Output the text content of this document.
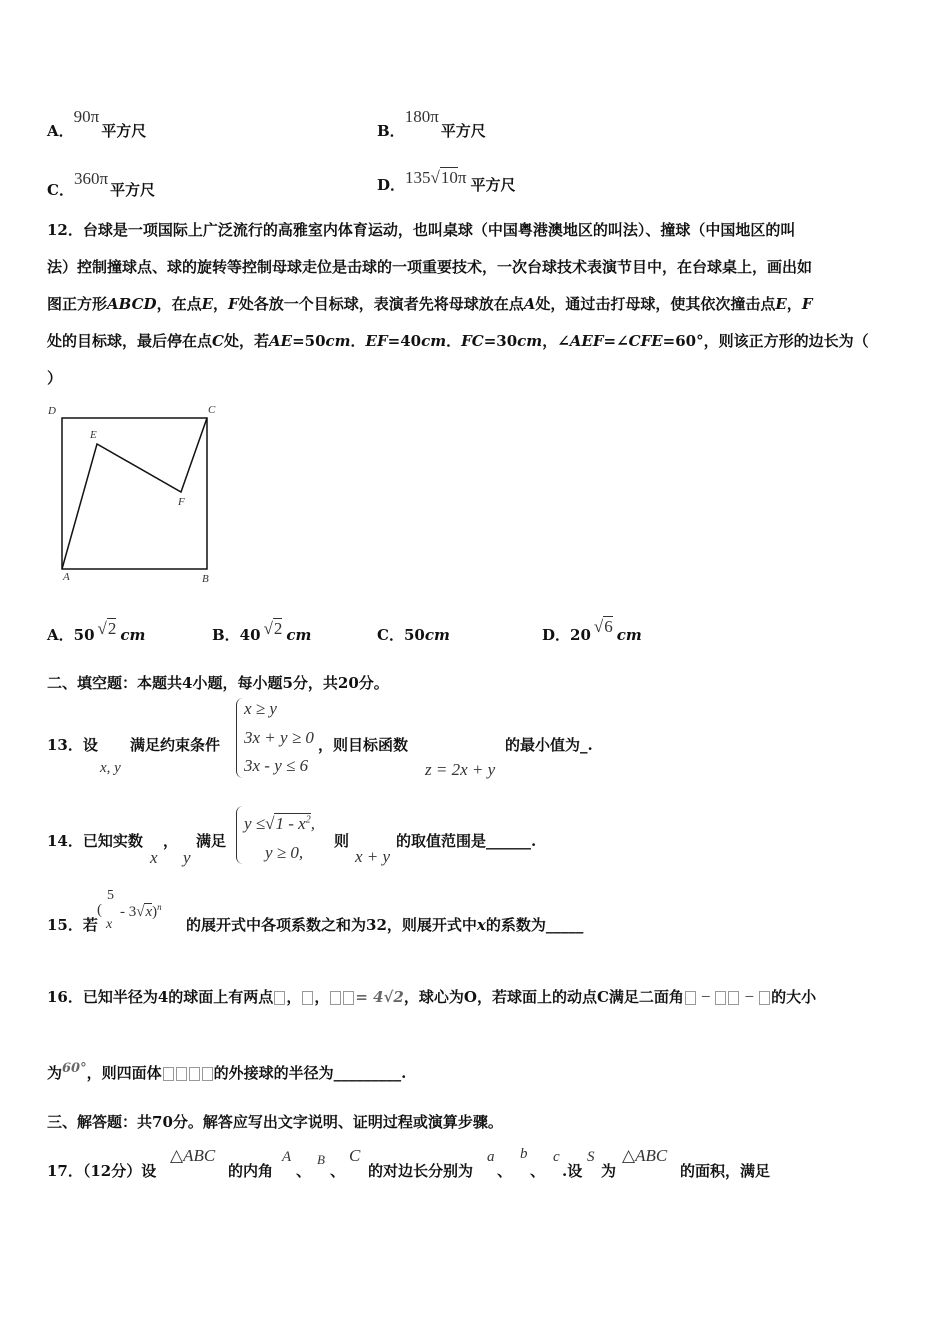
A．$^{90\pi}$平方尺	B．$^{180\pi}$平方尺
C．$^{360\pi}$平方尺	D．135√10π 平方尺
12．台球是一项国际上广泛流行的高雅室内体育运动，也叫桌球（中国粤港澳地区的叫法）、撞球（中国地区的叫
法）控制撞球点、球的旋转等控制母球走位是击球的一项重要技术，一次台球技术表演节目中，在台球桌上，画出如
图正方形ABCD，在点E，F处各放一个目标球，表演者先将母球放在点A处，通过击打母球，使其依次撞击点E，F
处的目标球，最后停在点C处，若AE=50cm．EF=40cm．FC=30cm，∠AEF=∠CFE=60°，则该正方形的边长为（
）
D	C
E
F
A	B
A．50 √2 cm	B．40 √2 cm	C．50cm	D．20 √6 cm
二、填空题：本题共4小题，每小题5分，共20分。
13．设
x, y
满足约束条件
x ≥ y
3x + y ≥ 0
3x - y ≤ 6
，则目标函数
z = 2x + y
的最小值为_.
14．已知实数 ，
x y
满足
$y \le√1 - x^2$,
y ≥ 0,
则
x + y
的取值范围是______.
15．若
(
5
x
- 3√x)$^n$
的展开式中各项系数之和为32，则展开式中x的系数为_____
16．已知半径为4的球面上有两点 ， ， = 4√2，球心为O，若球面上的动点C满足二面角 − − 的大小
为$^{60^\circ}$，则四面体	的外接球的半径为_________.
三、解答题：共70分。解答应写出文字说明、证明过程或演算步骤。
17．（12分）设
△ABC
的内角
A
、
B
、
C
的对边长分别为
a
、
b
、
c
.设
S
为
△ABC
的面积，满足
